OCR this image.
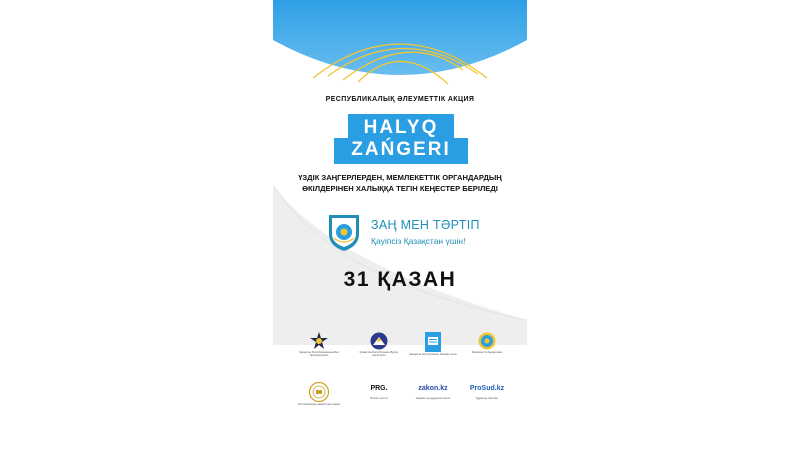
РЕСПУБЛИКАЛЫҚ ӘЛЕУМЕТТІК АКЦИЯ
HALYQ
ZAŃGERI
ҮЗДІК ЗАҢГЕРЛЕРДЕН, МЕМЛЕКЕТТІК ОРГАНДАРДЫҢ
ӨКІЛДЕРІНЕН ХАЛЫҚҚА ТЕГІН КЕҢЕСТЕР БЕРІЛЕДІ
ЗАҢ МЕН ТӘРТІП
Қауіпсіз Қазақстан үшін!
31 ҚАЗАН
Қазақстан Республикасының Бас Прокуратурасы
Қазақстан Республикасы Әділет министрлігі	Қазақстан Республикасы Жоғарғы соты
Мемлекеттік бағдарлама
Республикалық адвокаттар алқасы
PRG.
Prokuror gov kz
zakon.kz
Ақпараттық құқықтық портал
ProSud.kz
Құқықтық порталы
